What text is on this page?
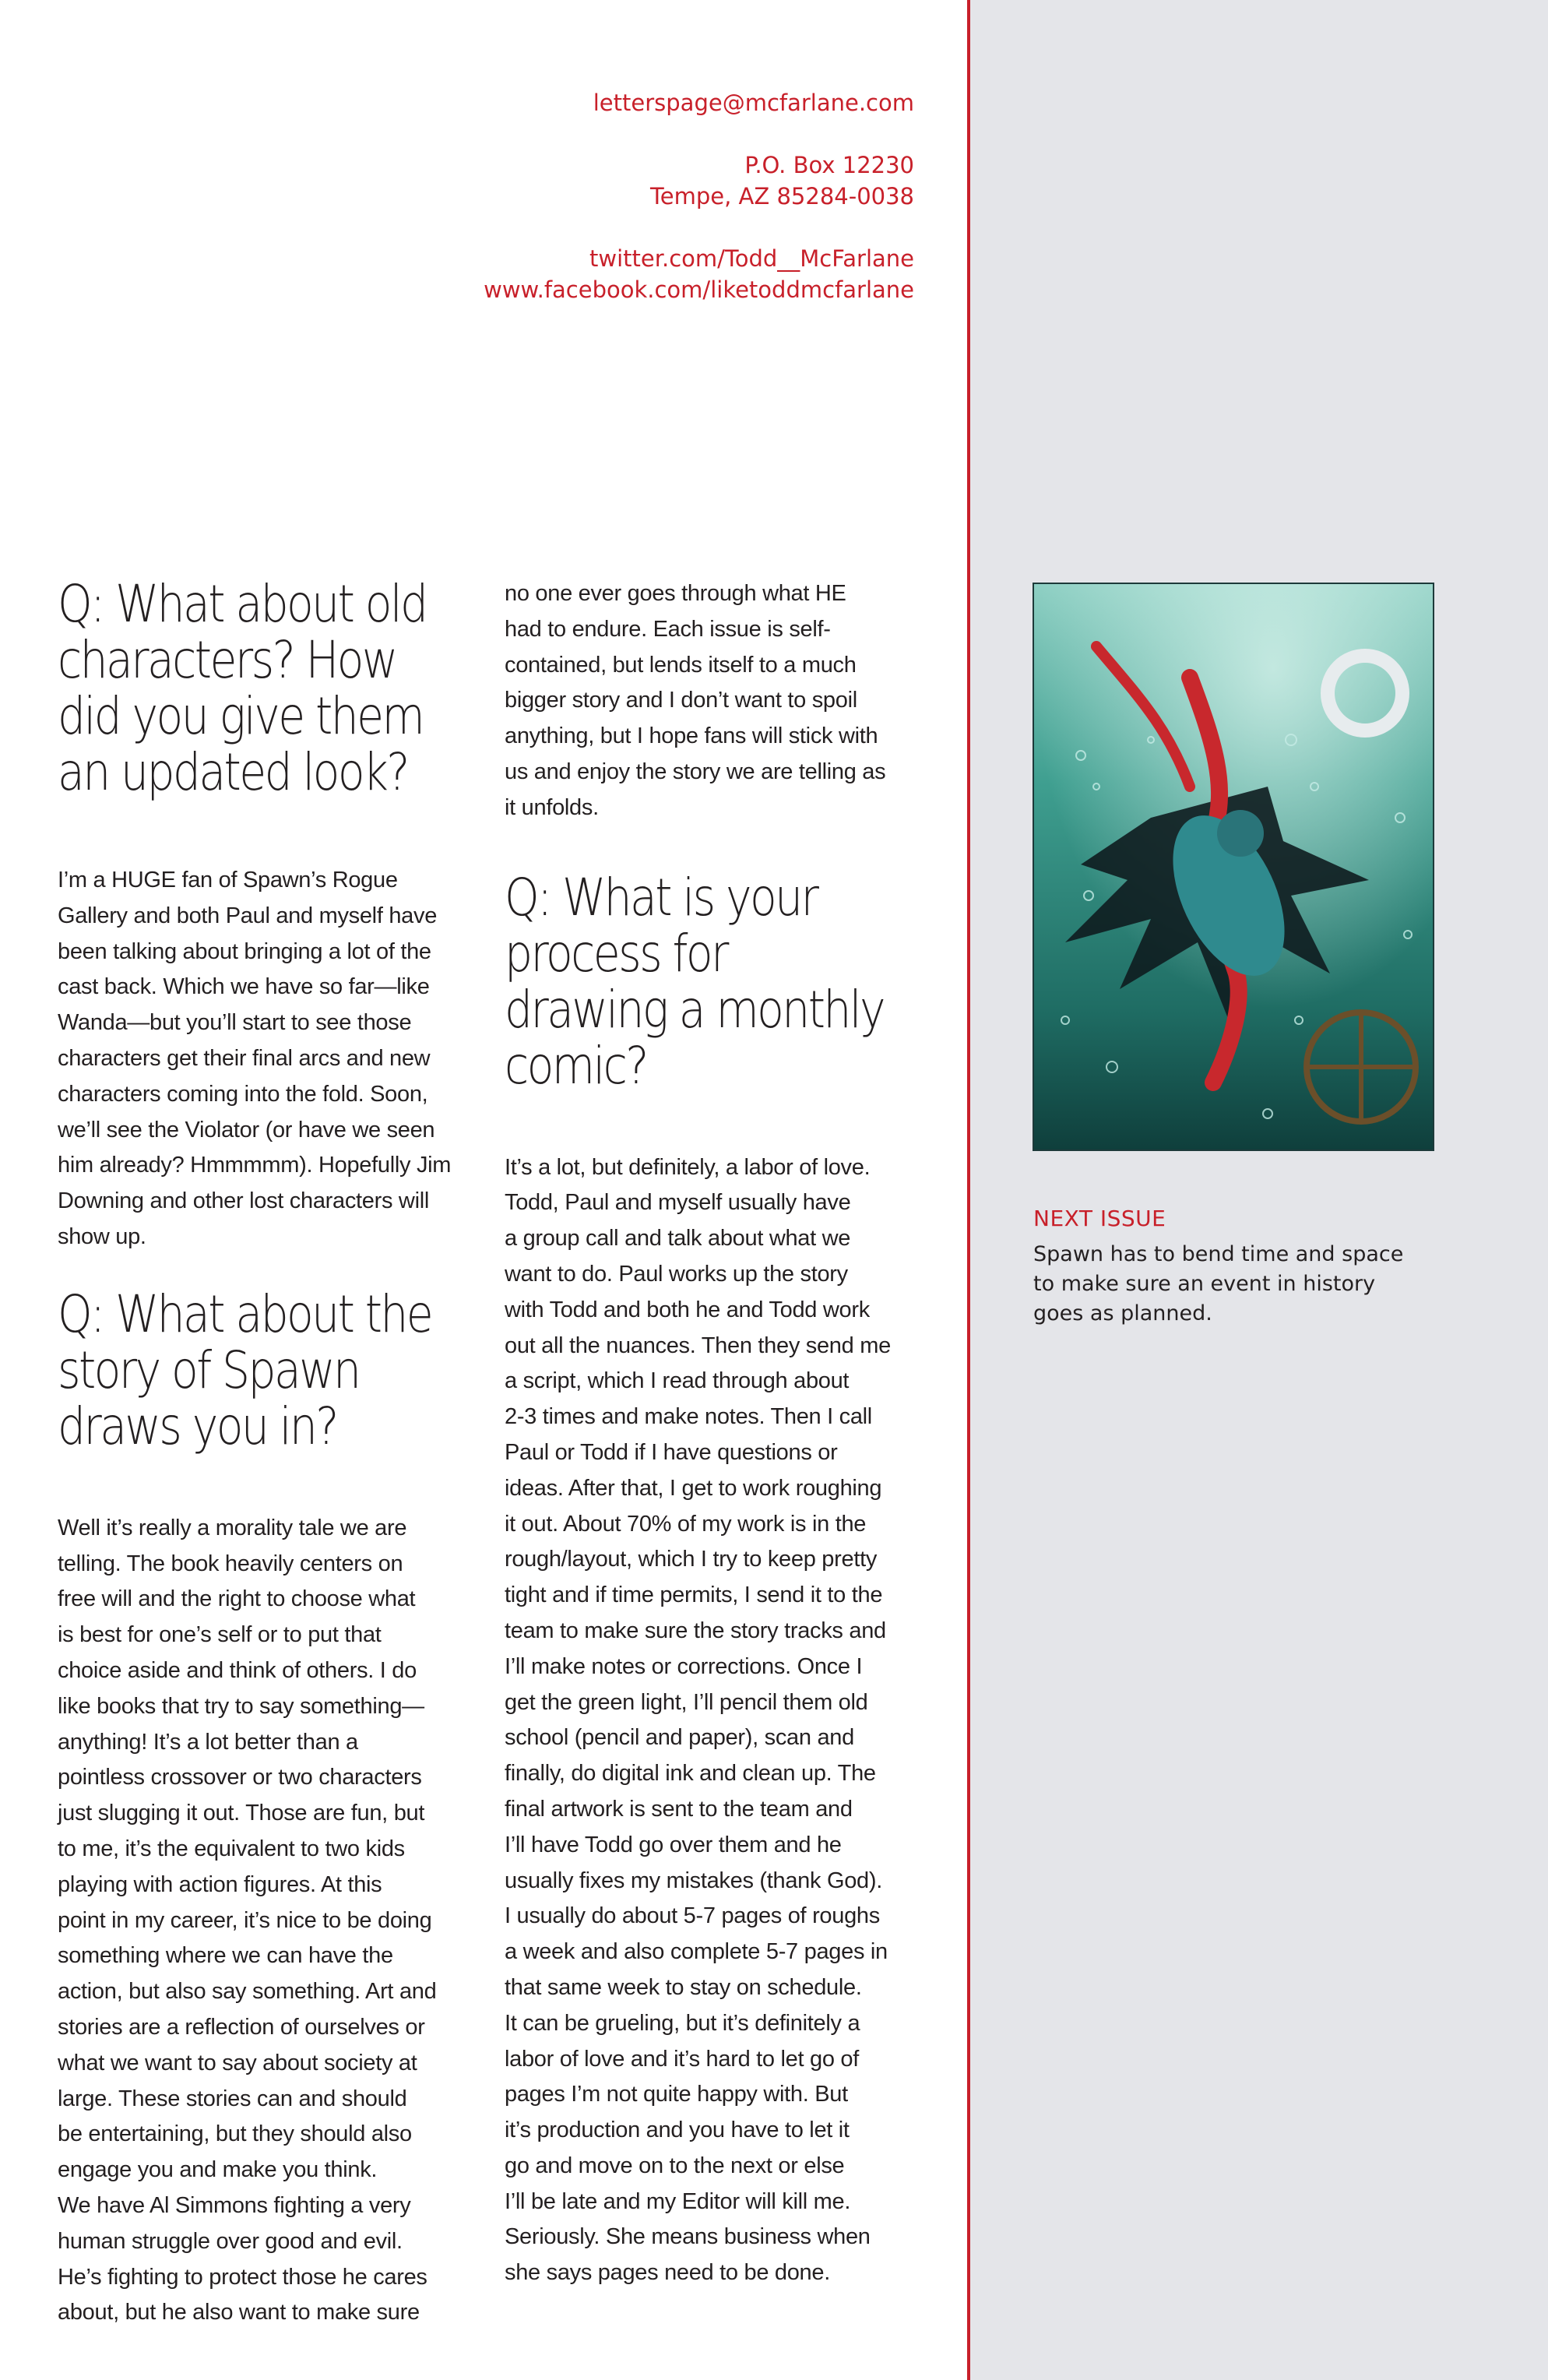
letterspage@mcfarlane.com
P.O. Box 12230
Tempe, AZ 85284-0038
twitter.com/Todd__McFarlane
www.facebook.com/liketoddmcfarlane
Q: What about old
characters? How
did you give them
an updated look?
I’m a HUGE fan of Spawn’s Rogue
Gallery and both Paul and myself have
been talking about bringing a lot of the
cast back. Which we have so far—like
Wanda—but you’ll start to see those
characters get their final arcs and new
characters coming into the fold. Soon,
we’ll see the Violator (or have we seen
him already? Hmmmmm). Hopefully Jim
Downing and other lost characters will
show up.
Q: What about the
story of Spawn
draws you in?
Well it’s really a morality tale we are
telling. The book heavily centers on
free will and the right to choose what
is best for one’s self or to put that
choice aside and think of others. I do
like books that try to say something—
anything! It’s a lot better than a
pointless crossover or two characters
just slugging it out. Those are fun, but
to me, it’s the equivalent to two kids
playing with action figures. At this
point in my career, it’s nice to be doing
something where we can have the
action, but also say something. Art and
stories are a reflection of ourselves or
what we want to say about society at
large. These stories can and should
be entertaining, but they should also
engage you and make you think.
We have Al Simmons fighting a very
human struggle over good and evil.
He’s fighting to protect those he cares
about, but he also want to make sure
no one ever goes through what HE
had to endure. Each issue is self-
contained, but lends itself to a much
bigger story and I don’t want to spoil
anything, but I hope fans will stick with
us and enjoy the story we are telling as
it unfolds.
Q: What is your
process for
drawing a monthly
comic?
It’s a lot, but definitely, a labor of love.
Todd, Paul and myself usually have
a group call and talk about what we
want to do. Paul works up the story
with Todd and both he and Todd work
out all the nuances. Then they send me
a script, which I read through about
2-3 times and make notes. Then I call
Paul or Todd if I have questions or
ideas. After that, I get to work roughing
it out. About 70% of my work is in the
rough/layout, which I try to keep pretty
tight and if time permits, I send it to the
team to make sure the story tracks and
I’ll make notes or corrections. Once I
get the green light, I’ll pencil them old
school (pencil and paper), scan and
finally, do digital ink and clean up. The
final artwork is sent to the team and
I’ll have Todd go over them and he
usually fixes my mistakes (thank God).
I usually do about 5-7 pages of roughs
a week and also complete 5-7 pages in
that same week to stay on schedule.
It can be grueling, but it’s definitely a
labor of love and it’s hard to let go of
pages I’m not quite happy with. But
it’s production and you have to let it
go and move on to the next or else
I’ll be late and my Editor will kill me.
Seriously. She means business when
she says pages need to be done.
NEXT ISSUE
Spawn has to bend time and space
to make sure an event in history
goes as planned.
